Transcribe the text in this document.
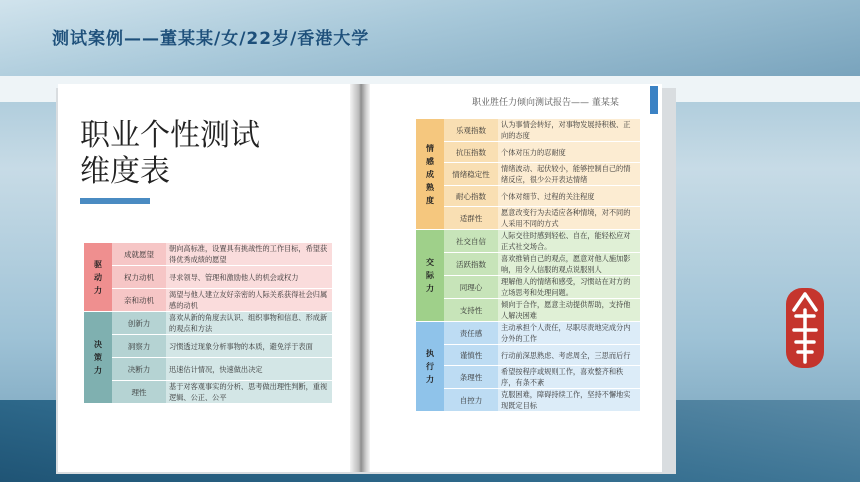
测试案例——董某某/女/22岁/香港大学
职业个性测试
维度表
职业胜任力倾向测试报告—— 董某某
驱
动
力	成就愿望	朝向高标准，设置具有挑战性的工作目标，希望获得优秀成绩的愿望
	权力动机	寻求领导、管理和激励他人的机会或权力
	亲和动机	渴望与他人建立友好亲密的人际关系获得社会归属感的动机
决
策
力	创新力	喜欢从新的角度去认识、组织事物和信息、形成新的观点和方法
	洞察力	习惯透过现象分析事物的本质，避免浮于表面
	决断力	迅速估计情况，快速做出决定
	理性	基于对客观事实的分析、思考做出理性判断，重视逻辑、公正、公平
情
感
成
熟
度	乐观指数	认为事情会转好，对事物发展持积极、正向的态度
	抗压指数	个体对压力的忍耐度
	情绪稳定性	情绪波动、起伏较小，能够控制自己的情绪反应，很少公开表达情绪
	耐心指数	个体对细节、过程的关注程度
	适群性	愿意改变行为去适应各种情境，对不同的人采用不同的方式
交
际
力	社交自信	人际交往时感到轻松、自在，能轻松应对正式社交场合。
	活跃指数	喜欢推销自己的观点，愿意对他人施加影响，用令人信服的观点说服别人
	同理心	理解他人的情绪和感受，习惯站在对方的立场思考和处理问题。
	支持性	倾向于合作，愿意主动提供帮助，支持他人解决困难
执
行
力	责任感	主动承担个人责任，尽职尽责地完成分内分外的工作
	谨慎性	行动前深思熟虑、考虑周全，三思而后行
	条理性	希望按程序或规则工作，喜欢整齐和秩序，有条不紊
	自控力	克服困难，障碍持续工作，坚持不懈地实现既定目标
